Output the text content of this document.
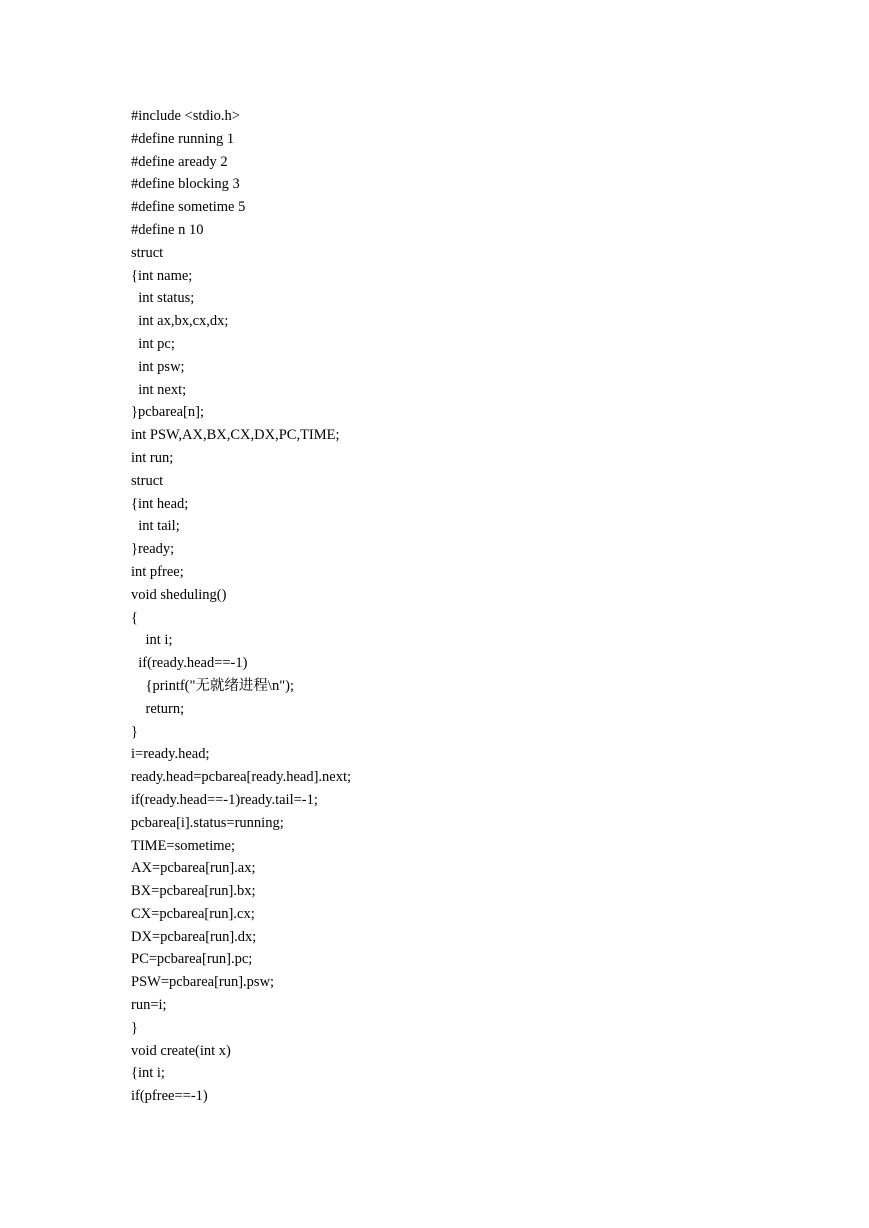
#include <stdio.h>
#define running 1
#define aready 2
#define blocking 3
#define sometime 5
#define n 10
struct
{int name;
int status;
int ax,bx,cx,dx;
int pc;
int psw;
int next;
}pcbarea[n];
int PSW,AX,BX,CX,DX,PC,TIME;
int run;
struct
{int head;
int tail;
}ready;
int pfree;
void sheduling()
{
int i;
if(ready.head==-1)
{printf("无就绪进程\n");
return;
}
i=ready.head;
ready.head=pcbarea[ready.head].next;
if(ready.head==-1)ready.tail=-1;
pcbarea[i].status=running;
TIME=sometime;
AX=pcbarea[run].ax;
BX=pcbarea[run].bx;
CX=pcbarea[run].cx;
DX=pcbarea[run].dx;
PC=pcbarea[run].pc;
PSW=pcbarea[run].psw;
run=i;
}
void create(int x)
{int i;
if(pfree==-1)
